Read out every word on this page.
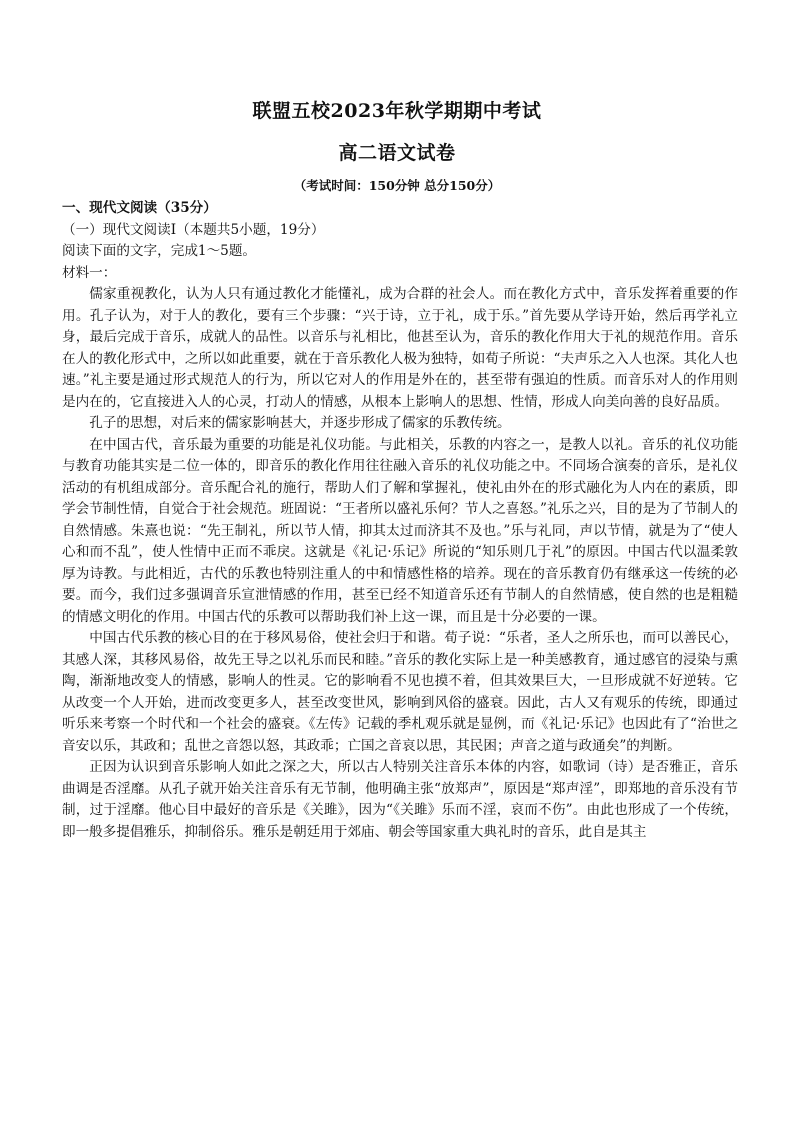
联盟五校2023年秋学期期中考试
高二语文试卷

（考试时间：150分钟 总分150分）

一、现代文阅读（35分）

（一）现代文阅读Ⅰ（本题共5小题，19分）

阅读下面的文字，完成1～5题。

材料一：

儒家重视教化，认为人只有通过教化才能懂礼，成为合群的社会人。而在教化方式中，音乐发挥着重要的作用。孔子认为，对于人的教化，要有三个步骤：“兴于诗，立于礼，成于乐。”首先要从学诗开始，然后再学礼立身，最后完成于音乐，成就人的品性。以音乐与礼相比，他甚至认为，音乐的教化作用大于礼的规范作用。音乐在人的教化形式中，之所以如此重要，就在于音乐教化人极为独特，如荀子所说：“夫声乐之入人也深。其化人也速。”礼主要是通过形式规范人的行为，所以它对人的作用是外在的，甚至带有强迫的性质。而音乐对人的作用则是内在的，它直接进入人的心灵，打动人的情感，从根本上影响人的思想、性情，形成人向美向善的良好品质。

孔子的思想，对后来的儒家影响甚大，并逐步形成了儒家的乐教传统。

在中国古代，音乐最为重要的功能是礼仪功能。与此相关，乐教的内容之一，是教人以礼。音乐的礼仪功能与教育功能其实是二位一体的，即音乐的教化作用往往融入音乐的礼仪功能之中。不同场合演奏的音乐，是礼仪活动的有机组成部分。音乐配合礼的施行，帮助人们了解和掌握礼，使礼由外在的形式融化为人内在的素质，即学会节制性情，自觉合于社会规范。班固说：“王者所以盛礼乐何？节人之喜怒。”礼乐之兴，目的是为了节制人的自然情感。朱熹也说：“先王制礼，所以节人情，抑其太过而济其不及也。”乐与礼同，声以节情，就是为了“使人心和而不乱”，使人性情中正而不乖戾。这就是《礼记·乐记》所说的“知乐则几于礼”的原因。中国古代以温柔敦厚为诗教。与此相近，古代的乐教也特别注重人的中和情感性格的培养。现在的音乐教育仍有继承这一传统的必要。而今，我们过多强调音乐宣泄情感的作用，甚至已经不知道音乐还有节制人的自然情感，使自然的也是粗糙的情感文明化的作用。中国古代的乐教可以帮助我们补上这一课，而且是十分必要的一课。

中国古代乐教的核心目的在于移风易俗，使社会归于和谐。荀子说：“乐者，圣人之所乐也，而可以善民心，其感人深，其移风易俗，故先王导之以礼乐而民和睦。”音乐的教化实际上是一种美感教育，通过感官的浸染与熏陶，渐渐地改变人的情感，影响人的性灵。它的影响看不见也摸不着，但其效果巨大，一旦形成就不好逆转。它从改变一个人开始，进而改变更多人，甚至改变世风，影响到风俗的盛衰。因此，古人又有观乐的传统，即通过听乐来考察一个时代和一个社会的盛衰。《左传》记载的季札观乐就是显例，而《礼记·乐记》也因此有了“治世之音安以乐，其政和；乱世之音怨以怒，其政乖；亡国之音哀以思，其民困；声音之道与政通矣”的判断。

正因为认识到音乐影响人如此之深之大，所以古人特别关注音乐本体的内容，如歌词（诗）是否雅正，音乐曲调是否淫靡。从孔子就开始关注音乐有无节制，他明确主张“放郑声”，原因是“郑声淫”，即郑地的音乐没有节制，过于淫靡。他心目中最好的音乐是《关雎》，因为“《关雎》乐而不淫，哀而不伤”。由此也形成了一个传统，即一般多提倡雅乐，抑制俗乐。雅乐是朝廷用于郊庙、朝会等国家重大典礼时的音乐，此自是其主
